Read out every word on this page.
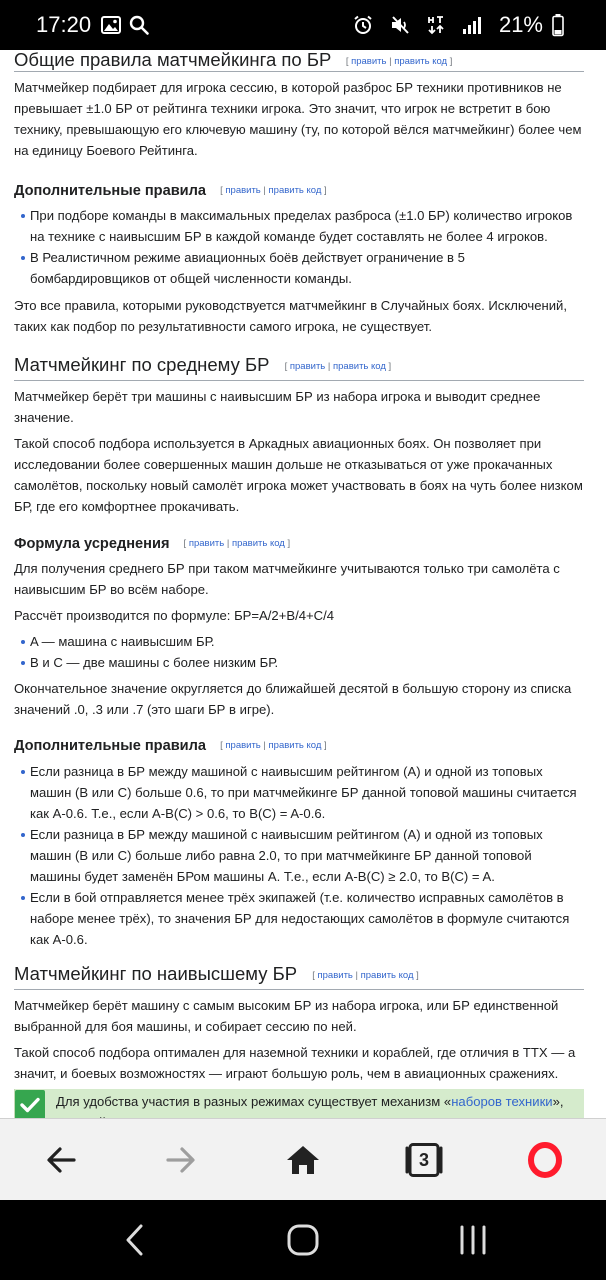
17:20	21%
Общие правила матчмейкинга по БР [ править | править код ]

Матчмейкер подбирает для игрока сессию, в которой разброс БР техники противников не превышает ±1.0 БР от рейтинга техники игрока. Это значит, что игрок не встретит в бою технику, превышающую его ключевую машину (ту, по которой вёлся матчмейкинг) более чем на единицу Боевого Рейтинга.

Дополнительные правила [ править | править код ]
При подборе команды в максимальных пределах разброса (±1.0 БР) количество игроков на технике с наивысшим БР в каждой команде будет составлять не более 4 игроков.
В Реалистичном режиме авиационных боёв действует ограничение в 5 бомбардировщиков от общей численности команды.

Это все правила, которыми руководствуется матчмейкинг в Случайных боях. Исключений, таких как подбор по результативности самого игрока, не существует.

Матчмейкинг по среднему БР [ править | править код ]

Матчмейкер берёт три машины с наивысшим БР из набора игрока и выводит среднее значение.

Такой способ подбора используется в Аркадных авиационных боях. Он позволяет при исследовании более совершенных машин дольше не отказываться от уже прокачанных самолётов, поскольку новый самолёт игрока может участвовать в боях на чуть более низком БР, где его комфортнее прокачивать.

Формула усреднения [ править | править код ]

Для получения среднего БР при таком матчмейкинге учитываются только три самолёта с наивысшим БР во всём наборе.

Рассчёт производится по формуле: БР=A/2+B/4+C/4

A — машина с наивысшим БР.
B и C — две машины с более низким БР.

Окончательное значение округляется до ближайшей десятой в большую сторону из списка значений .0, .3 или .7 (это шаги БР в игре).

Дополнительные правила [ править | править код ]
Если разница в БР между машиной с наивысшим рейтингом (A) и одной из топовых машин (B или C) больше 0.6, то при матчмейкинге БР данной топовой машины считается как A-0.6. Т.е., если A-B(C) > 0.6, то B(C) = A-0.6.
Если разница в БР между машиной с наивысшим рейтингом (A) и одной из топовых машин (B или C) больше либо равна 2.0, то при матчмейкинге БР данной топовой машины будет заменён БРом машины A. Т.е., если A-B(C) ≥ 2.0, то B(C) = A.
Если в бой отправляется менее трёх экипажей (т.е. количество исправных самолётов в наборе менее трёх), то значения БР для недостающих самолётов в формуле считаются как A-0.6.
Матчмейкинг по наивысшему БР [ править | править код ]

Матчмейкер берёт машину с самым высоким БР из набора игрока, или БР единственной выбранной для боя машины, и собирает сессию по ней.

Такой способ подбора оптимален для наземной техники и кораблей, где отличия в ТТХ — а значит, и боевых возможностях — играют большую роль, чем в авиационных сражениях.

Для удобства участия в разных режимах существует механизм «наборов техники»,
3
